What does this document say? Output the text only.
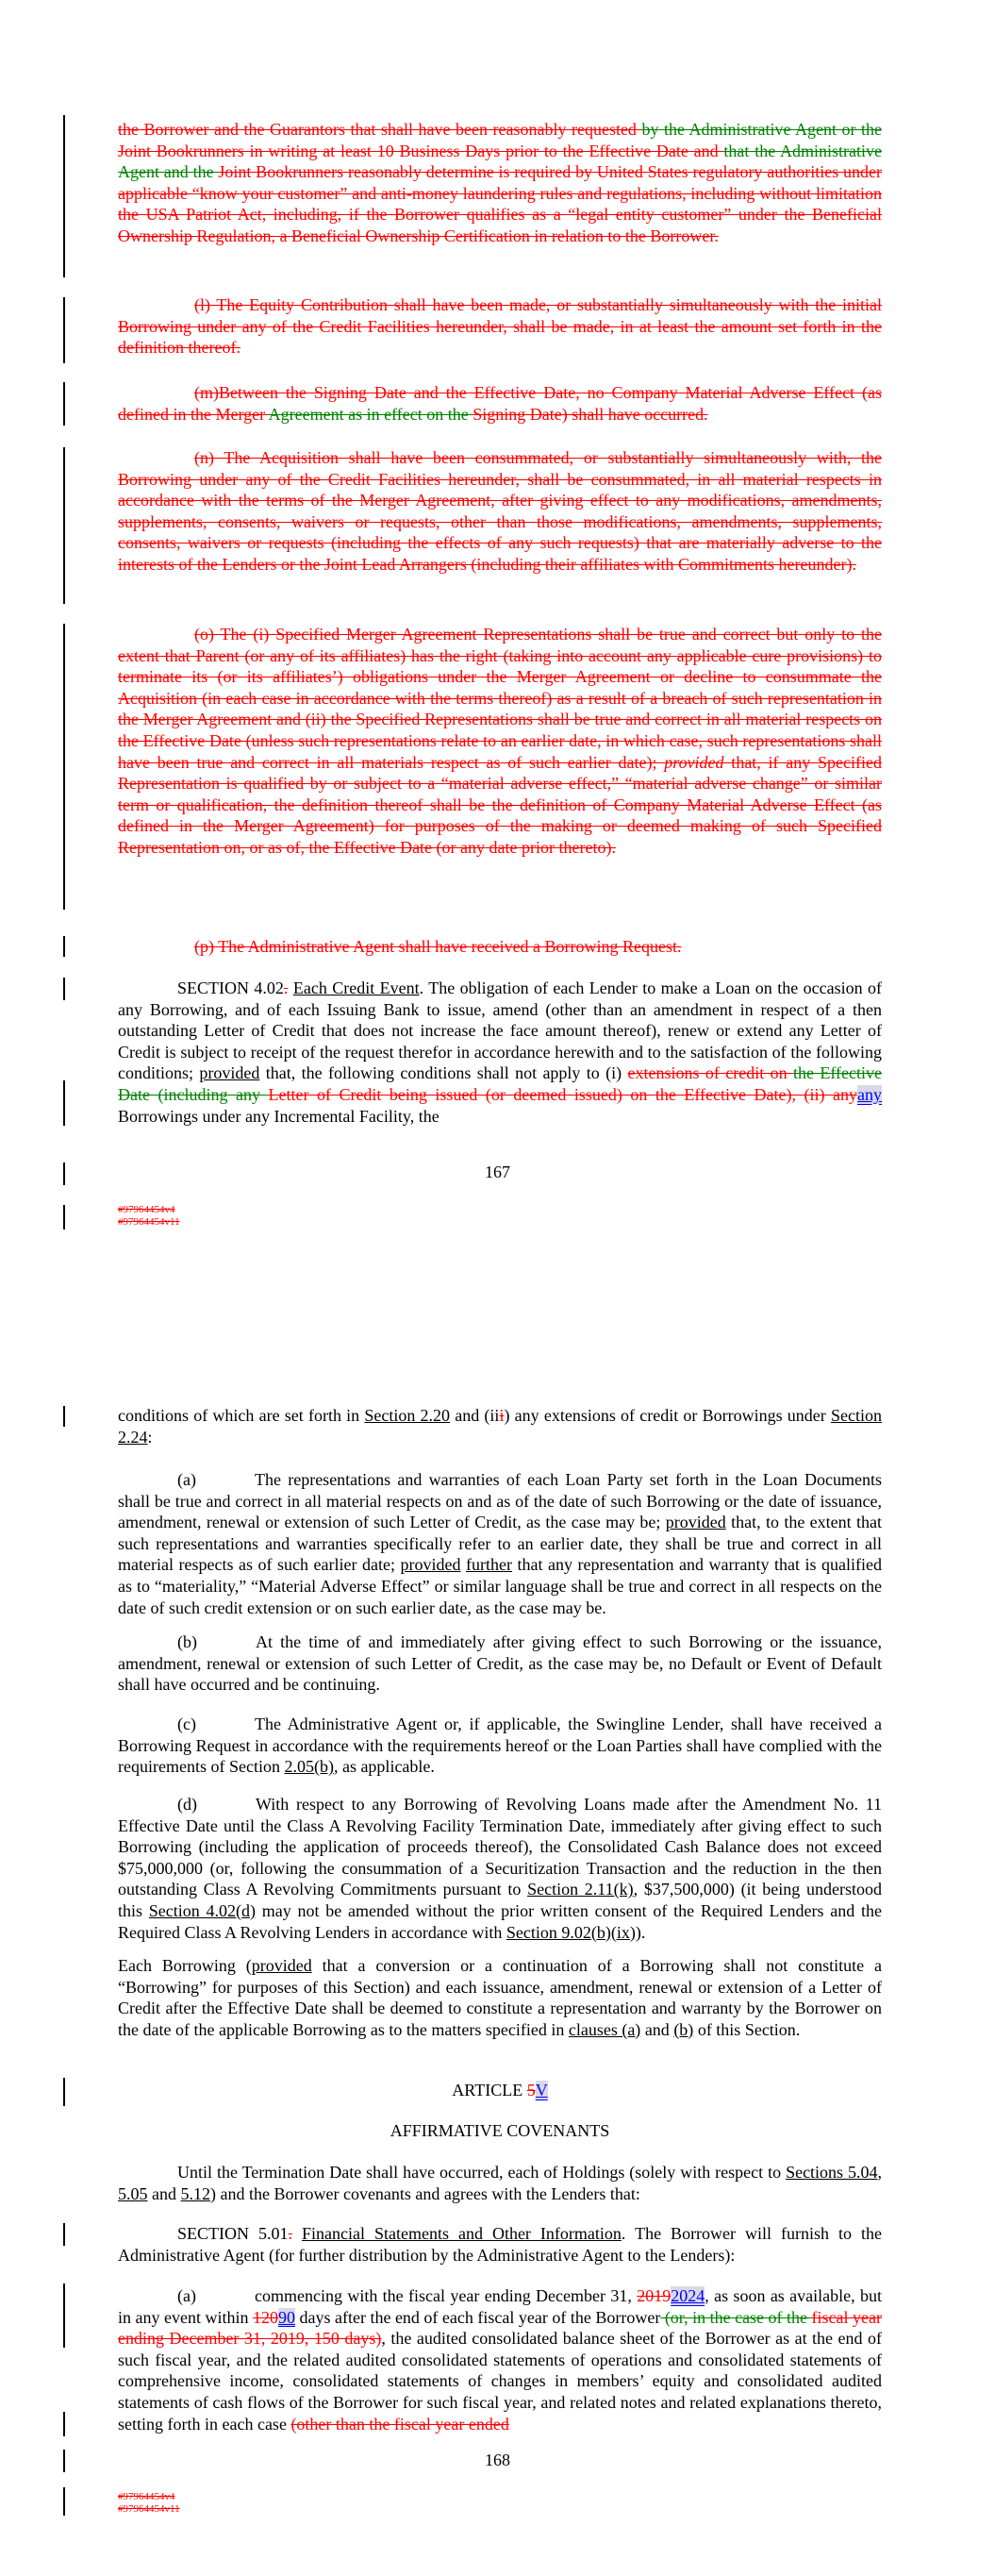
the Borrower and the Guarantors that shall have been reasonably requested by the Administrative Agent or the Joint Bookrunners in writing at least 10 Business Days prior to the Effective Date and that the Administrative Agent and the Joint Bookrunners reasonably determine is required by United States regulatory authorities under applicable “know your customer” and anti-money laundering rules and regulations, including without limitation the USA Patriot Act, including, if the Borrower qualifies as a “legal entity customer” under the Beneficial Ownership Regulation, a Beneficial Ownership Certification in relation to the Borrower.
(l) The Equity Contribution shall have been made, or substantially simultaneously with the initial Borrowing under any of the Credit Facilities hereunder, shall be made, in at least the amount set forth in the definition thereof.
(m)Between the Signing Date and the Effective Date, no Company Material Adverse Effect (as defined in the Merger Agreement as in effect on the Signing Date) shall have occurred.
(n) The Acquisition shall have been consummated, or substantially simultaneously with, the Borrowing under any of the Credit Facilities hereunder, shall be consummated, in all material respects in accordance with the terms of the Merger Agreement, after giving effect to any modifications, amendments, supplements, consents, waivers or requests, other than those modifications, amendments, supplements, consents, waivers or requests (including the effects of any such requests) that are materially adverse to the interests of the Lenders or the Joint Lead Arrangers (including their affiliates with Commitments hereunder).
(o) The (i) Specified Merger Agreement Representations shall be true and correct but only to the extent that Parent (or any of its affiliates) has the right (taking into account any applicable cure provisions) to terminate its (or its affiliates’) obligations under the Merger Agreement or decline to consummate the Acquisition (in each case in accordance with the terms thereof) as a result of a breach of such representation in the Merger Agreement and (ii) the Specified Representations shall be true and correct in all material respects on the Effective Date (unless such representations relate to an earlier date, in which case, such representations shall have been true and correct in all materials respect as of such earlier date); provided that, if any Specified Representation is qualified by or subject to a “material adverse effect,” “material adverse change” or similar term or qualification, the definition thereof shall be the definition of Company Material Adverse Effect (as defined in the Merger Agreement) for purposes of the making or deemed making of such Specified Representation on, or as of, the Effective Date (or any date prior thereto).
(p) The Administrative Agent shall have received a Borrowing Request.
SECTION 4.02. Each Credit Event. The obligation of each Lender to make a Loan on the occasion of any Borrowing, and of each Issuing Bank to issue, amend (other than an amendment in respect of a then outstanding Letter of Credit that does not increase the face amount thereof), renew or extend any Letter of Credit is subject to receipt of the request therefor in accordance herewith and to the satisfaction of the following conditions; provided that, the following conditions shall not apply to (i) extensions of credit on the Effective Date (including any Letter of Credit being issued (or deemed issued) on the Effective Date), (ii) anyany Borrowings under any Incremental Facility, the
167
#97964454v4
#97964454v11
conditions of which are set forth in Section 2.20 and (iii) any extensions of credit or Borrowings under Section 2.24:
(a)	The representations and warranties of each Loan Party set forth in the Loan Documents shall be true and correct in all material respects on and as of the date of such Borrowing or the date of issuance, amendment, renewal or extension of such Letter of Credit, as the case may be; provided that, to the extent that such representations and warranties specifically refer to an earlier date, they shall be true and correct in all material respects as of such earlier date; provided further that any representation and warranty that is qualified as to “materiality,” “Material Adverse Effect” or similar language shall be true and correct in all respects on the date of such credit extension or on such earlier date, as the case may be.
(b)	At the time of and immediately after giving effect to such Borrowing or the issuance, amendment, renewal or extension of such Letter of Credit, as the case may be, no Default or Event of Default shall have occurred and be continuing.
(c)	The Administrative Agent or, if applicable, the Swingline Lender, shall have received a Borrowing Request in accordance with the requirements hereof or the Loan Parties shall have complied with the requirements of Section 2.05(b), as applicable.
(d)	With respect to any Borrowing of Revolving Loans made after the Amendment No. 11 Effective Date until the Class A Revolving Facility Termination Date, immediately after giving effect to such Borrowing (including the application of proceeds thereof), the Consolidated Cash Balance does not exceed $75,000,000 (or, following the consummation of a Securitization Transaction and the reduction in the then outstanding Class A Revolving Commitments pursuant to Section 2.11(k), $37,500,000) (it being understood this Section 4.02(d) may not be amended without the prior written consent of the Required Lenders and the Required Class A Revolving Lenders in accordance with Section 9.02(b)(ix)).
Each Borrowing (provided that a conversion or a continuation of a Borrowing shall not constitute a “Borrowing” for purposes of this Section) and each issuance, amendment, renewal or extension of a Letter of Credit after the Effective Date shall be deemed to constitute a representation and warranty by the Borrower on the date of the applicable Borrowing as to the matters specified in clauses (a) and (b) of this Section.
ARTICLE 5V
AFFIRMATIVE COVENANTS
Until the Termination Date shall have occurred, each of Holdings (solely with respect to Sections 5.04, 5.05 and 5.12) and the Borrower covenants and agrees with the Lenders that:
SECTION 5.01. Financial Statements and Other Information. The Borrower will furnish to the Administrative Agent (for further distribution by the Administrative Agent to the Lenders):
(a)	commencing with the fiscal year ending December 31, 20192024, as soon as available, but in any event within 12090 days after the end of each fiscal year of the Borrower (or, in the case of the fiscal year ending December 31, 2019, 150 days), the audited consolidated balance sheet of the Borrower as at the end of such fiscal year, and the related audited consolidated statements of operations and consolidated statements of comprehensive income, consolidated statements of changes in members’ equity and consolidated audited statements of cash flows of the Borrower for such fiscal year, and related notes and related explanations thereto, setting forth in each case (other than the fiscal year ended
168
#97964454v4
#97964454v11
